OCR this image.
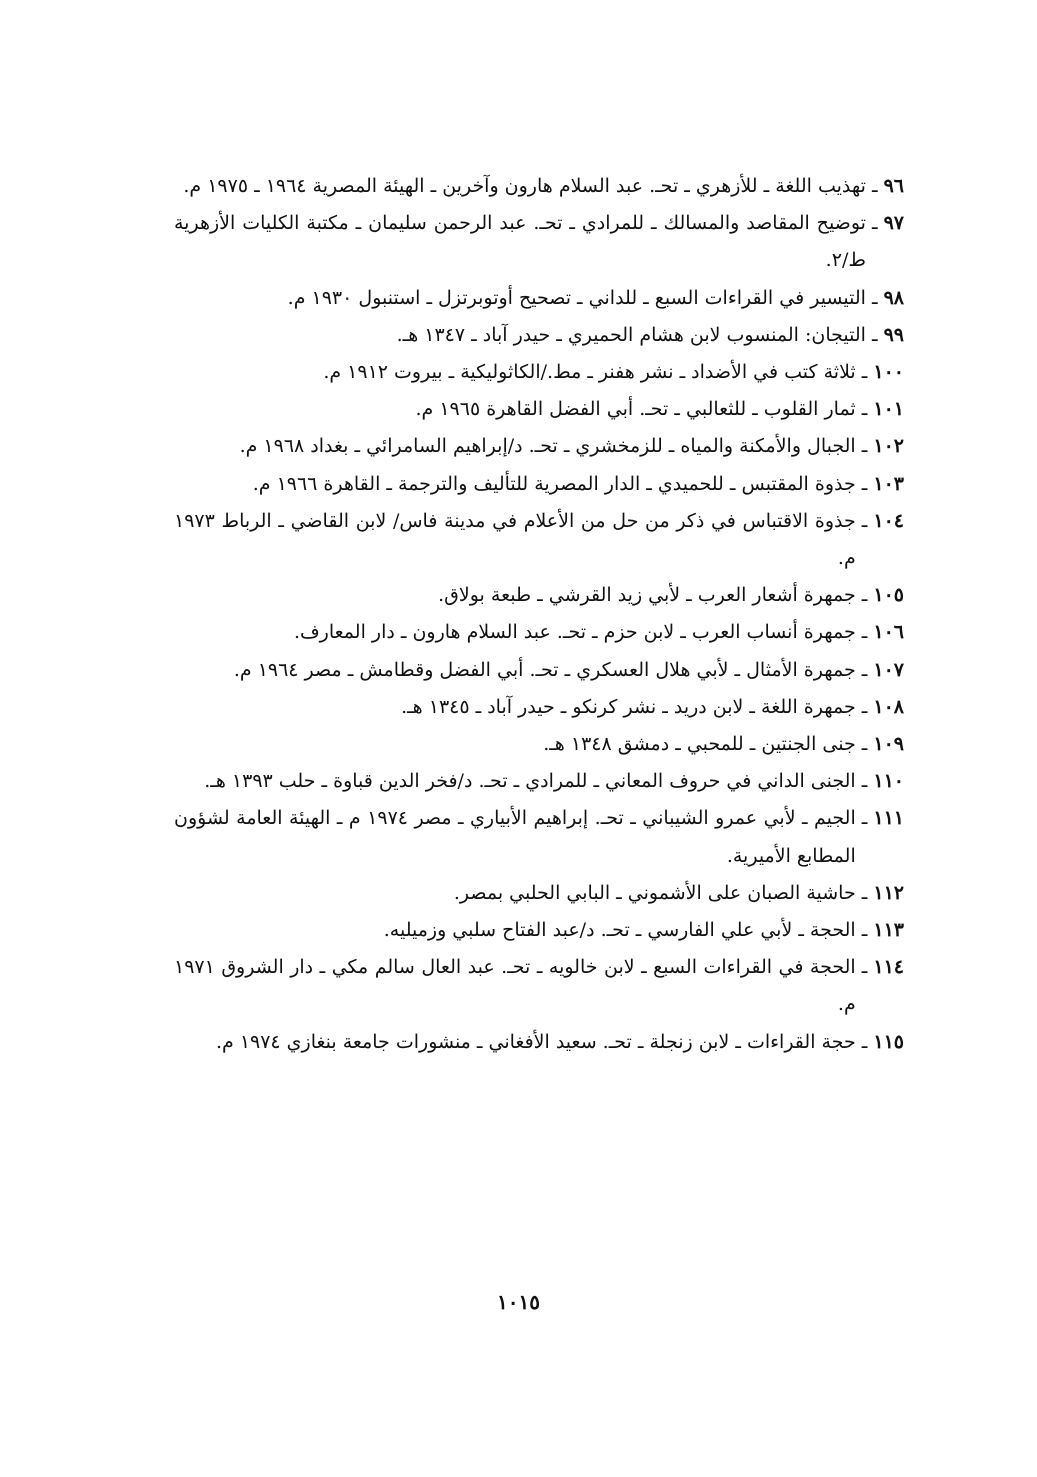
٩٦
ـ
تهذيب اللغة ـ للأزهري ـ تحـ. عبد السلام هارون وآخرين ـ الهيئة المصرية ١٩٦٤ ـ ١٩٧٥ م.
٩٧
ـ
توضيح المقاصد والمسالك ـ للمرادي ـ تحـ. عبد الرحمن سليمان ـ مكتبة الكليات الأزهرية ط/٢.
٩٨
ـ
التيسير في القراءات السبع ـ للداني ـ تصحيح أوتوبرتزل ـ استنبول ١٩٣٠ م.
٩٩
ـ
التيجان: المنسوب لابن هشام الحميري ـ حيدر آباد ـ ١٣٤٧ هـ.
١٠٠
ـ
ثلاثة كتب في الأضداد ـ نشر هفنر ـ مط./الكاثوليكية ـ بيروت ١٩١٢ م.
١٠١
ـ
ثمار القلوب ـ للثعالبي ـ تحـ. أبي الفضل القاهرة ١٩٦٥ م.
١٠٢
ـ
الجبال والأمكنة والمياه ـ للزمخشري ـ تحـ. د/إبراهيم السامرائي ـ بغداد ١٩٦٨ م.
١٠٣
ـ
جذوة المقتبس ـ للحميدي ـ الدار المصرية للتأليف والترجمة ـ القاهرة ١٩٦٦ م.
١٠٤
ـ
جذوة الاقتباس في ذكر من حل من الأعلام في مدينة فاس/ لابن القاضي ـ الرباط ١٩٧٣ م.
١٠٥
ـ
جمهرة أشعار العرب ـ لأبي زيد القرشي ـ طبعة بولاق.
١٠٦
ـ
جمهرة أنساب العرب ـ لابن حزم ـ تحـ. عبد السلام هارون ـ دار المعارف.
١٠٧
ـ
جمهرة الأمثال ـ لأبي هلال العسكري ـ تحـ. أبي الفضل وقطامش ـ مصر ١٩٦٤ م.
١٠٨
ـ
جمهرة اللغة ـ لابن دريد ـ نشر كرنكو ـ حيدر آباد ـ ١٣٤٥ هـ.
١٠٩
ـ
جنى الجنتين ـ للمحبي ـ دمشق ١٣٤٨ هـ.
١١٠
ـ
الجنى الداني في حروف المعاني ـ للمرادي ـ تحـ. د/فخر الدين قباوة ـ حلب ١٣٩٣ هـ.
١١١
ـ
الجيم ـ لأبي عمرو الشيباني ـ تحـ. إبراهيم الأبياري ـ مصر ١٩٧٤ م ـ الهيئة العامة لشؤون المطابع الأميرية.
١١٢
ـ
حاشية الصبان على الأشموني ـ البابي الحلبي بمصر.
١١٣
ـ
الحجة ـ لأبي علي الفارسي ـ تحـ. د/عبد الفتاح سلبي وزميليه.
١١٤
ـ
الحجة في القراءات السبع ـ لابن خالويه ـ تحـ. عبد العال سالم مكي ـ دار الشروق ١٩٧١ م.
١١٥
ـ
حجة القراءات ـ لابن زنجلة ـ تحـ. سعيد الأفغاني ـ منشورات جامعة بنغازي ١٩٧٤ م.
١٠١٥
